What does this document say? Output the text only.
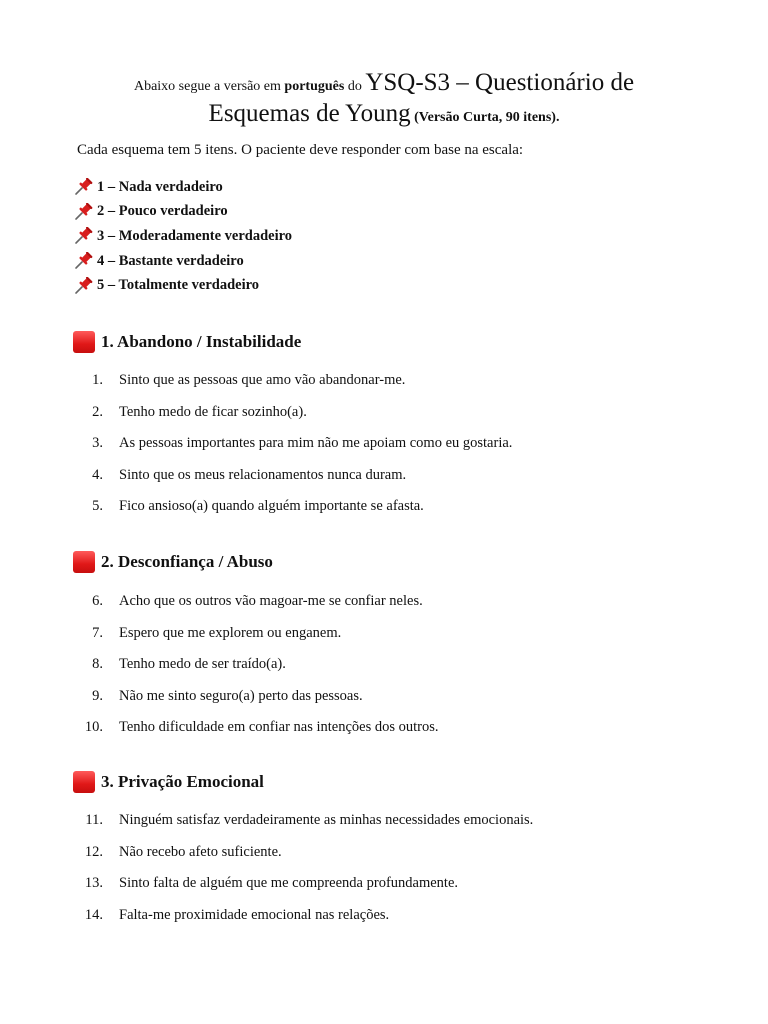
Abaixo segue a versão em português do YSQ-S3 – Questionário de
Esquemas de Young (Versão Curta, 90 itens).
Cada esquema tem 5 itens. O paciente deve responder com base na escala:
1 – Nada verdadeiro
2 – Pouco verdadeiro
3 – Moderadamente verdadeiro
4 – Bastante verdadeiro
5 – Totalmente verdadeiro
1. Abandono / Instabilidade
1. Sinto que as pessoas que amo vão abandonar-me.
2. Tenho medo de ficar sozinho(a).
3. As pessoas importantes para mim não me apoiam como eu gostaria.
4. Sinto que os meus relacionamentos nunca duram.
5. Fico ansioso(a) quando alguém importante se afasta.
2. Desconfiança / Abuso
6. Acho que os outros vão magoar-me se confiar neles.
7. Espero que me explorem ou enganem.
8. Tenho medo de ser traído(a).
9. Não me sinto seguro(a) perto das pessoas.
10. Tenho dificuldade em confiar nas intenções dos outros.
3. Privação Emocional
11. Ninguém satisfaz verdadeiramente as minhas necessidades emocionais.
12. Não recebo afeto suficiente.
13. Sinto falta de alguém que me compreenda profundamente.
14. Falta-me proximidade emocional nas relações.
